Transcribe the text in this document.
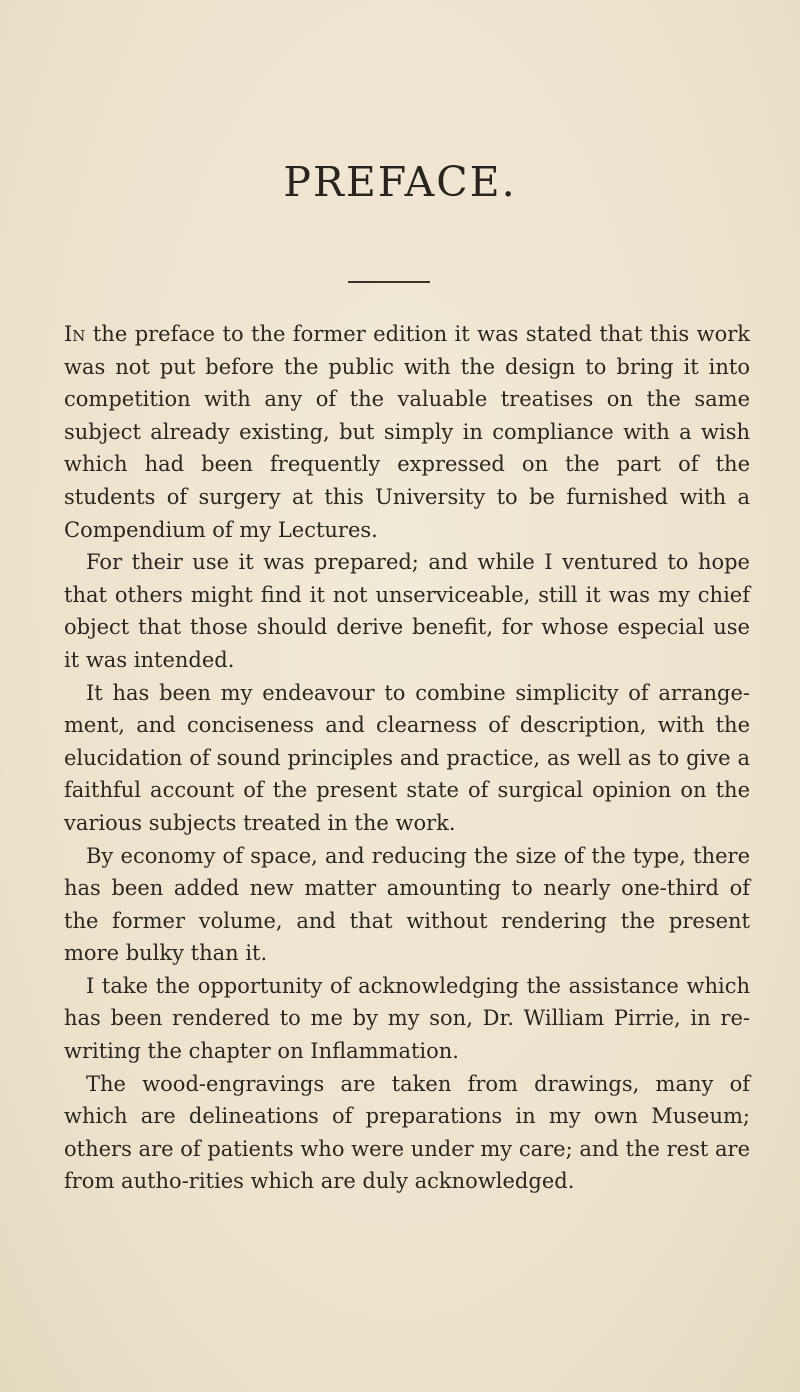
PREFACE.

In the preface to the former edition it was stated that this work was not put before the public with the design to bring it into competition with any of the valuable treatises on the same subject already existing, but simply in compliance with a wish which had been frequently expressed on the part of the students of surgery at this University to be furnished with a Compendium of my Lectures.

For their use it was prepared; and while I ventured to hope that others might find it not unserviceable, still it was my chief object that those should derive benefit, for whose especial use it was intended.

It has been my endeavour to combine simplicity of arrange-ment, and conciseness and clearness of description, with the elucidation of sound principles and practice, as well as to give a faithful account of the present state of surgical opinion on the various subjects treated in the work.

By economy of space, and reducing the size of the type, there has been added new matter amounting to nearly one-third of the former volume, and that without rendering the present more bulky than it.

I take the opportunity of acknowledging the assistance which has been rendered to me by my son, Dr. William Pirrie, in re-writing the chapter on Inflammation.

The wood-engravings are taken from drawings, many of which are delineations of preparations in my own Museum; others are of patients who were under my care; and the rest are from autho-rities which are duly acknowledged.
